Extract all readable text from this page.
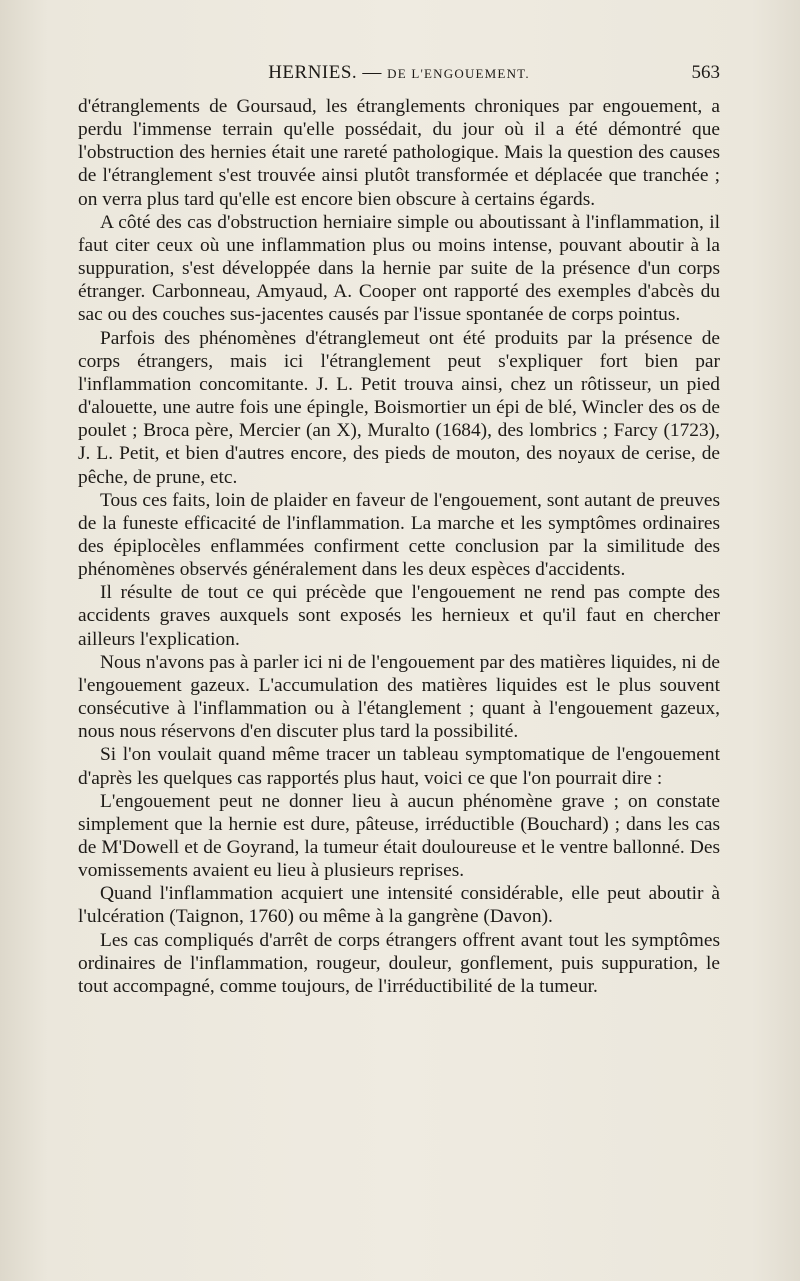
HERNIES. — DE L'ENGOUEMENT.	563

d'étranglements de Goursaud, les étranglements chroniques par engouement, a perdu l'immense terrain qu'elle possédait, du jour où il a été démontré que l'obstruction des hernies était une rareté pathologique. Mais la question des causes de l'étranglement s'est trouvée ainsi plutôt transformée et déplacée que tranchée ; on verra plus tard qu'elle est encore bien obscure à certains égards.

A côté des cas d'obstruction herniaire simple ou aboutissant à l'inflammation, il faut citer ceux où une inflammation plus ou moins intense, pouvant aboutir à la suppuration, s'est développée dans la hernie par suite de la présence d'un corps étranger. Carbonneau, Amyaud, A. Cooper ont rapporté des exemples d'abcès du sac ou des couches sus-jacentes causés par l'issue spontanée de corps pointus.

Parfois des phénomènes d'étranglemeut ont été produits par la présence de corps étrangers, mais ici l'étranglement peut s'expliquer fort bien par l'inflammation concomitante. J. L. Petit trouva ainsi, chez un rôtisseur, un pied d'alouette, une autre fois une épingle, Boismortier un épi de blé, Wincler des os de poulet ; Broca père, Mercier (an X), Muralto (1684), des lombrics ; Farcy (1723), J. L. Petit, et bien d'autres encore, des pieds de mouton, des noyaux de cerise, de pêche, de prune, etc.

Tous ces faits, loin de plaider en faveur de l'engouement, sont autant de preuves de la funeste efficacité de l'inflammation. La marche et les symptômes ordinaires des épiplocèles enflammées confirment cette conclusion par la similitude des phénomènes observés généralement dans les deux espèces d'accidents.

Il résulte de tout ce qui précède que l'engouement ne rend pas compte des accidents graves auxquels sont exposés les hernieux et qu'il faut en chercher ailleurs l'explication.

Nous n'avons pas à parler ici ni de l'engouement par des matières liquides, ni de l'engouement gazeux. L'accumulation des matières liquides est le plus souvent consécutive à l'inflammation ou à l'étanglement ; quant à l'engouement gazeux, nous nous réservons d'en discuter plus tard la possibilité.

Si l'on voulait quand même tracer un tableau symptomatique de l'engouement d'après les quelques cas rapportés plus haut, voici ce que l'on pourrait dire :

L'engouement peut ne donner lieu à aucun phénomène grave ; on constate simplement que la hernie est dure, pâteuse, irréductible (Bouchard) ; dans les cas de M'Dowell et de Goyrand, la tumeur était douloureuse et le ventre ballonné. Des vomissements avaient eu lieu à plusieurs reprises.

Quand l'inflammation acquiert une intensité considérable, elle peut aboutir à l'ulcération (Taignon, 1760) ou même à la gangrène (Davon).

Les cas compliqués d'arrêt de corps étrangers offrent avant tout les symptômes ordinaires de l'inflammation, rougeur, douleur, gonflement, puis suppuration, le tout accompagné, comme toujours, de l'irréductibilité de la tumeur.
